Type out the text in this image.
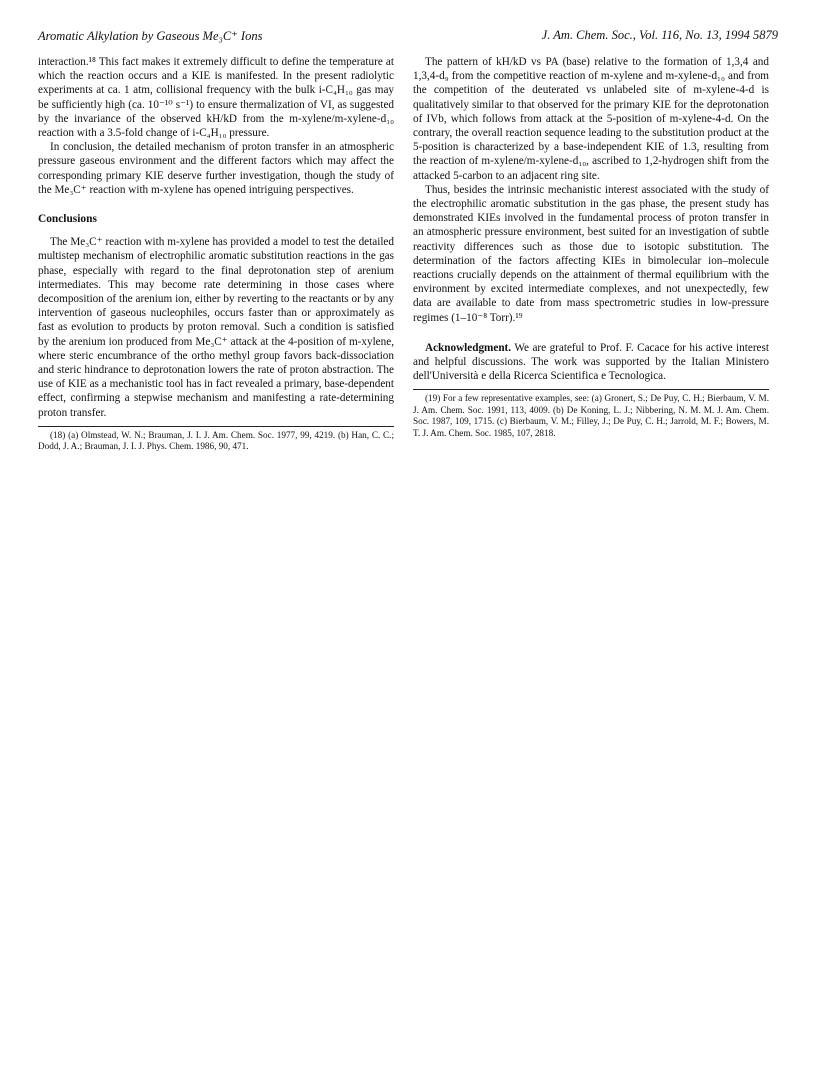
Aromatic Alkylation by Gaseous Me₃C⁺ Ions	J. Am. Chem. Soc., Vol. 116, No. 13, 1994 5879

interaction.¹⁸ This fact makes it extremely difficult to define the temperature at which the reaction occurs and a KIE is manifested. In the present radiolytic experiments at ca. 1 atm, collisional frequency with the bulk i-C₄H₁₀ gas may be sufficiently high (ca. 10⁻¹⁰ s⁻¹) to ensure thermalization of VI, as suggested by the invariance of the observed kH/kD from the m-xylene/m-xylene-d₁₀ reaction with a 3.5-fold change of i-C₄H₁₀ pressure.

In conclusion, the detailed mechanism of proton transfer in an atmospheric pressure gaseous environment and the different factors which may affect the corresponding primary KIE deserve further investigation, though the study of the Me₃C⁺ reaction with m-xylene has opened intriguing perspectives.

Conclusions

The Me₃C⁺ reaction with m-xylene has provided a model to test the detailed multistep mechanism of electrophilic aromatic substitution reactions in the gas phase, especially with regard to the final deprotonation step of arenium intermediates. This may become rate determining in those cases where decomposition of the arenium ion, either by reverting to the reactants or by any intervention of gaseous nucleophiles, occurs faster than or approximately as fast as evolution to products by proton removal. Such a condition is satisfied by the arenium ion produced from Me₃C⁺ attack at the 4-position of m-xylene, where steric encumbrance of the ortho methyl group favors back-dissociation and steric hindrance to deprotonation lowers the rate of proton abstraction. The use of KIE as a mechanistic tool has in fact revealed a primary, base-dependent effect, confirming a stepwise mechanism and manifesting a rate-determining proton transfer.

(18) (a) Olmstead, W. N.; Brauman, J. I. J. Am. Chem. Soc. 1977, 99, 4219. (b) Han, C. C.; Dodd, J. A.; Brauman, J. I. J. Phys. Chem. 1986, 90, 471.

The pattern of kH/kD vs PA (base) relative to the formation of 1,3,4 and 1,3,4-d₉ from the competitive reaction of m-xylene and m-xylene-d₁₀ and from the competition of the deuterated vs unlabeled site of m-xylene-4-d is qualitatively similar to that observed for the primary KIE for the deprotonation of IVb, which follows from attack at the 5-position of m-xylene-4-d. On the contrary, the overall reaction sequence leading to the substitution product at the 5-position is characterized by a base-independent KIE of 1.3, resulting from the reaction of m-xylene/m-xylene-d₁₀, ascribed to 1,2-hydrogen shift from the attacked 5-carbon to an adjacent ring site.

Thus, besides the intrinsic mechanistic interest associated with the study of the electrophilic aromatic substitution in the gas phase, the present study has demonstrated KIEs involved in the fundamental process of proton transfer in an atmospheric pressure environment, best suited for an investigation of subtle reactivity differences such as those due to isotopic substitution. The determination of the factors affecting KIEs in bimolecular ion–molecule reactions crucially depends on the attainment of thermal equilibrium with the environment by excited intermediate complexes, and not unexpectedly, few data are available to date from mass spectrometric studies in low-pressure regimes (1–10⁻⁸ Torr).¹⁹

Acknowledgment. We are grateful to Prof. F. Cacace for his active interest and helpful discussions. The work was supported by the Italian Ministero dell'Università e della Ricerca Scientifica e Tecnologica.

(19) For a few representative examples, see: (a) Gronert, S.; De Puy, C. H.; Bierbaum, V. M. J. Am. Chem. Soc. 1991, 113, 4009. (b) De Koning, L. J.; Nibbering, N. M. M. J. Am. Chem. Soc. 1987, 109, 1715. (c) Bierbaum, V. M.; Filley, J.; De Puy, C. H.; Jarrold, M. F.; Bowers, M. T. J. Am. Chem. Soc. 1985, 107, 2818.
